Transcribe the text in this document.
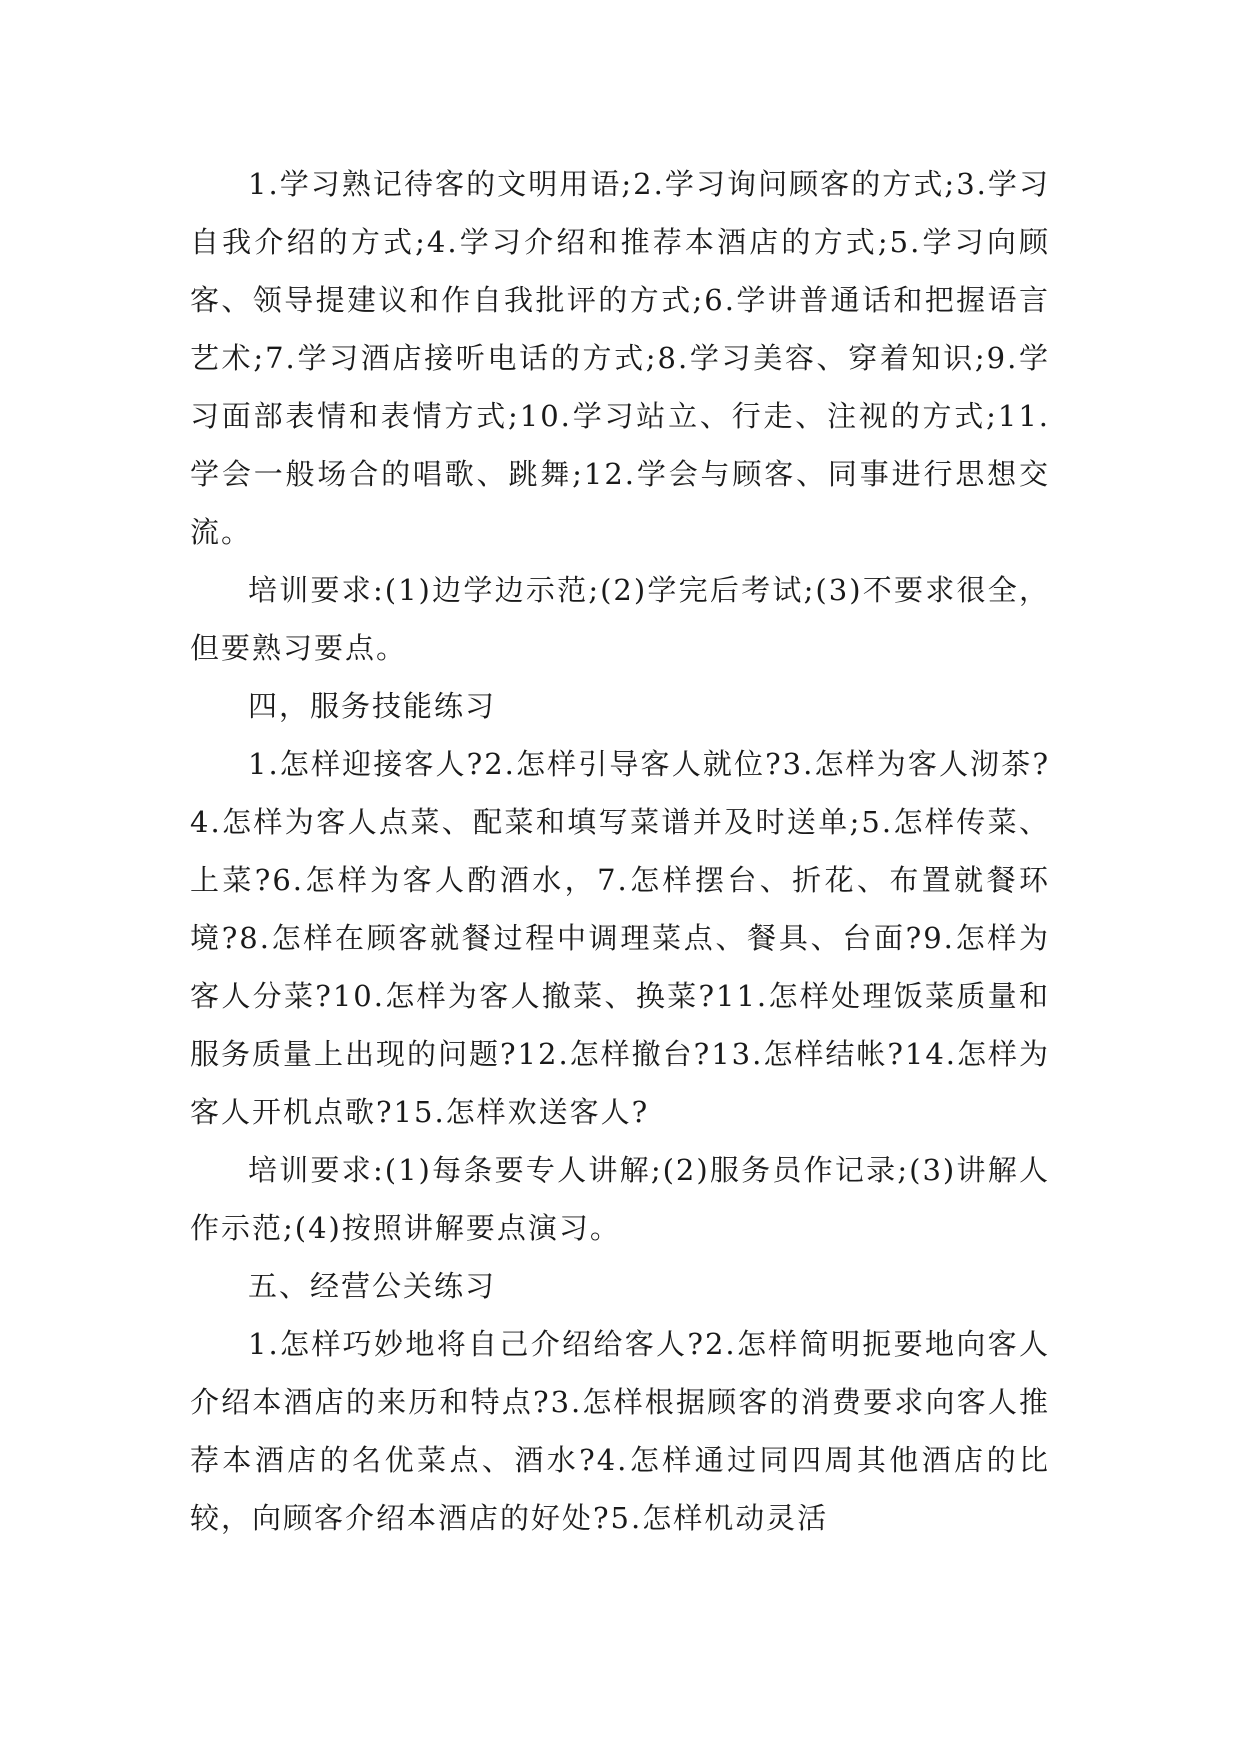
1.学习熟记待客的文明用语;2.学习询问顾客的方式;3.学习自我介绍的方式;4.学习介绍和推荐本酒店的方式;5.学习向顾客、领导提建议和作自我批评的方式;6.学讲普通话和把握语言艺术;7.学习酒店接听电话的方式;8.学习美容、穿着知识;9.学习面部表情和表情方式;10.学习站立、行走、注视的方式;11.学会一般场合的唱歌、跳舞;12.学会与顾客、同事进行思想交流。

培训要求:(1)边学边示范;(2)学完后考试;(3)不要求很全，但要熟习要点。

四，服务技能练习

1.怎样迎接客人?2.怎样引导客人就位?3.怎样为客人沏茶?4.怎样为客人点菜、配菜和填写菜谱并及时送单;5.怎样传菜、上菜?6.怎样为客人酌酒水，7.怎样摆台、折花、布置就餐环境?8.怎样在顾客就餐过程中调理菜点、餐具、台面?9.怎样为客人分菜?10.怎样为客人撤菜、换菜?11.怎样处理饭菜质量和服务质量上出现的问题?12.怎样撤台?13.怎样结帐?14.怎样为客人开机点歌?15.怎样欢送客人?

培训要求:(1)每条要专人讲解;(2)服务员作记录;(3)讲解人作示范;(4)按照讲解要点演习。

五、经营公关练习

1.怎样巧妙地将自己介绍给客人?2.怎样简明扼要地向客人介绍本酒店的来历和特点?3.怎样根据顾客的消费要求向客人推荐本酒店的名优菜点、酒水?4.怎样通过同四周其他酒店的比较，向顾客介绍本酒店的好处?5.怎样机动灵活
